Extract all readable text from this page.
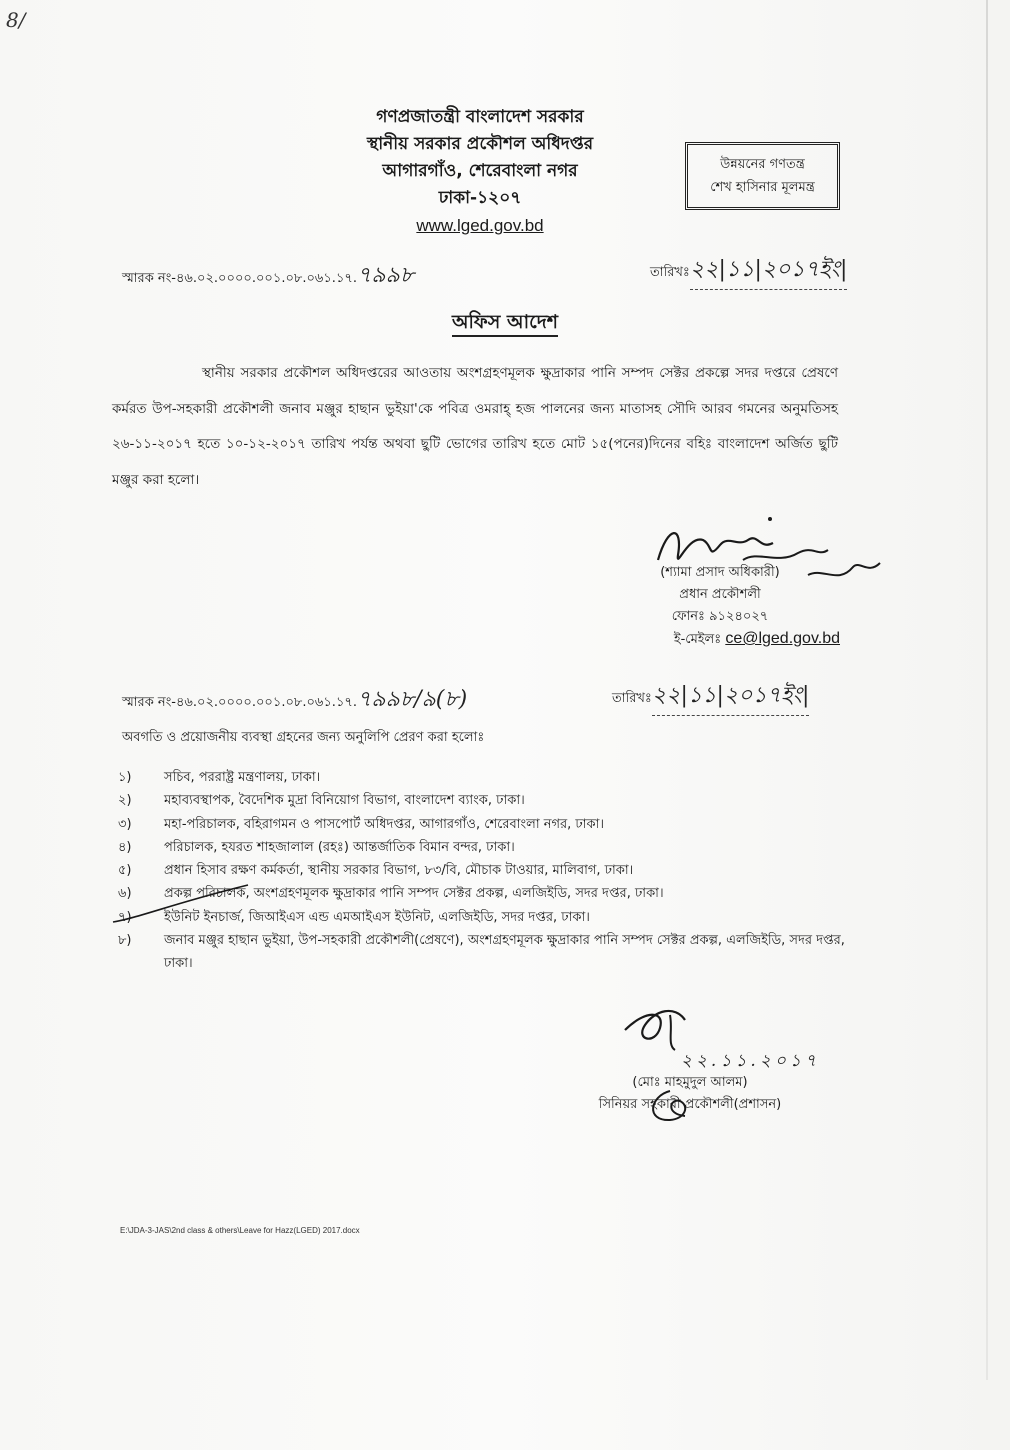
8/
গণপ্রজাতন্ত্রী বাংলাদেশ সরকার
স্থানীয় সরকার প্রকৌশল অধিদপ্তর
আগারগাঁও, শেরেবাংলা নগর
ঢাকা-১২০৭
www.lged.gov.bd
উন্নয়নের গণতন্ত্র
শেখ হাসিনার মূলমন্ত্র
স্মারক নং-৪৬.০২.০০০০.০০১.০৮.০৬১.১৭.৭৯৯৮	তারিখঃ২২|১১|২০১৭ইং|
অফিস আদেশ
স্থানীয় সরকার প্রকৌশল অধিদপ্তরের আওতায় অংশগ্রহণমূলক ক্ষুদ্রাকার পানি সম্পদ সেক্টর প্রকল্পে সদর দপ্তরে প্রেষণে কর্মরত উপ-সহকারী প্রকৌশলী জনাব মঞ্জুর হাছান ভুইয়া'কে পবিত্র ওমরাহ্ হজ পালনের জন্য মাতাসহ সৌদি আরব গমনের অনুমতিসহ ২৬-১১-২০১৭ হতে ১০-১২-২০১৭ তারিখ পর্যন্ত অথবা ছুটি ভোগের তারিখ হতে মোট ১৫(পনের)দিনের বহিঃ বাংলাদেশ অর্জিত ছুটি মঞ্জুর করা হলো।
(শ্যামা প্রসাদ অধিকারী)
প্রধান প্রকৌশলী
ফোনঃ ৯১২৪০২৭
ই-মেইলঃ ce@lged.gov.bd
স্মারক নং-৪৬.০২.০০০০.০০১.০৮.০৬১.১৭.৭৯৯৮/৯(৮)	তারিখঃ২২|১১|২০১৭ইং|
অবগতি ও প্রয়োজনীয় ব্যবস্থা গ্রহনের জন্য অনুলিপি প্রেরণ করা হলোঃ
১)	সচিব, পররাষ্ট্র মন্ত্রণালয়, ঢাকা।
২)	মহাব্যবস্থাপক, বৈদেশিক মুদ্রা বিনিয়োগ বিভাগ, বাংলাদেশ ব্যাংক, ঢাকা।
৩)	মহা-পরিচালক, বহিরাগমন ও পাসপোর্ট অধিদপ্তর, আগারগাঁও, শেরেবাংলা নগর, ঢাকা।
৪)	পরিচালক, হযরত শাহজালাল (রহঃ) আন্তর্জাতিক বিমান বন্দর, ঢাকা।
৫)	প্রধান হিসাব রক্ষণ কর্মকর্তা, স্থানীয় সরকার বিভাগ, ৮৩/বি, মৌচাক টাওয়ার, মালিবাগ, ঢাকা।
৬)	প্রকল্প পরিচালক, অংশগ্রহণমূলক ক্ষুদ্রাকার পানি সম্পদ সেক্টর প্রকল্প, এলজিইডি, সদর দপ্তর, ঢাকা।
৭)	ইউনিট ইনচার্জ, জিআইএস এন্ড এমআইএস ইউনিট, এলজিইডি, সদর দপ্তর, ঢাকা।
৮)	জনাব মঞ্জুর হাছান ভুইয়া, উপ-সহকারী প্রকৌশলী(প্রেষণে), অংশগ্রহণমূলক ক্ষুদ্রাকার পানি সম্পদ সেক্টর প্রকল্প, এলজিইডি, সদর দপ্তর, ঢাকা।
২২.১১.২০১৭
(মোঃ মাহমুদুল আলম)
সিনিয়র সহকারী প্রকৌশলী(প্রশাসন)
E:\JDA-3-JAS\2nd class & others\Leave for Hazz(LGED) 2017.docx
